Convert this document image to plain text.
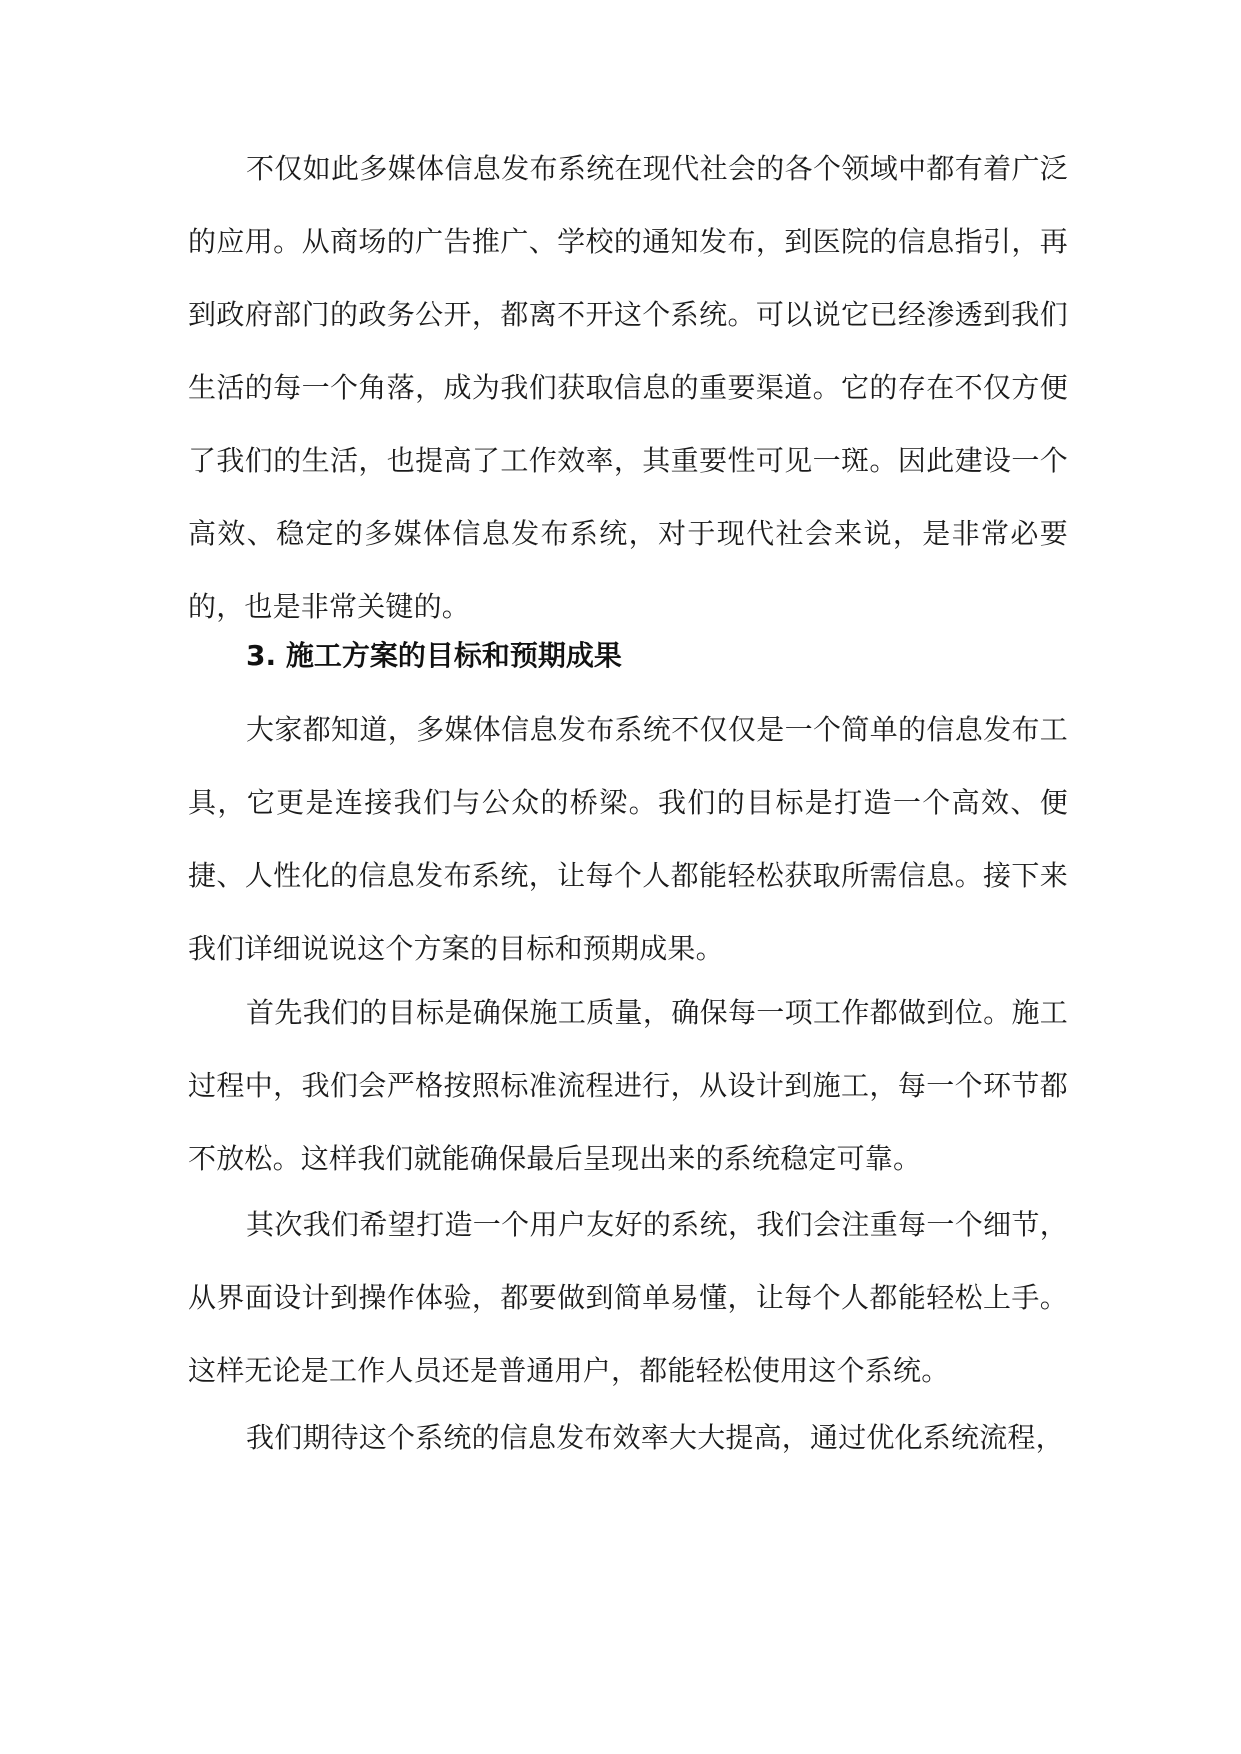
不仅如此多媒体信息发布系统在现代社会的各个领域中都有着广泛的应用。从商场的广告推广、学校的通知发布，到医院的信息指引，再到政府部门的政务公开，都离不开这个系统。可以说它已经渗透到我们生活的每一个角落，成为我们获取信息的重要渠道。它的存在不仅方便了我们的生活，也提高了工作效率，其重要性可见一斑。因此建设一个高效、稳定的多媒体信息发布系统，对于现代社会来说，是非常必要的，也是非常关键的。

3. 施工方案的目标和预期成果

大家都知道，多媒体信息发布系统不仅仅是一个简单的信息发布工具，它更是连接我们与公众的桥梁。我们的目标是打造一个高效、便捷、人性化的信息发布系统，让每个人都能轻松获取所需信息。接下来我们详细说说这个方案的目标和预期成果。

首先我们的目标是确保施工质量，确保每一项工作都做到位。施工过程中，我们会严格按照标准流程进行，从设计到施工，每一个环节都不放松。这样我们就能确保最后呈现出来的系统稳定可靠。

其次我们希望打造一个用户友好的系统，我们会注重每一个细节，从界面设计到操作体验，都要做到简单易懂，让每个人都能轻松上手。这样无论是工作人员还是普通用户，都能轻松使用这个系统。

我们期待这个系统的信息发布效率大大提高，通过优化系统流程，
